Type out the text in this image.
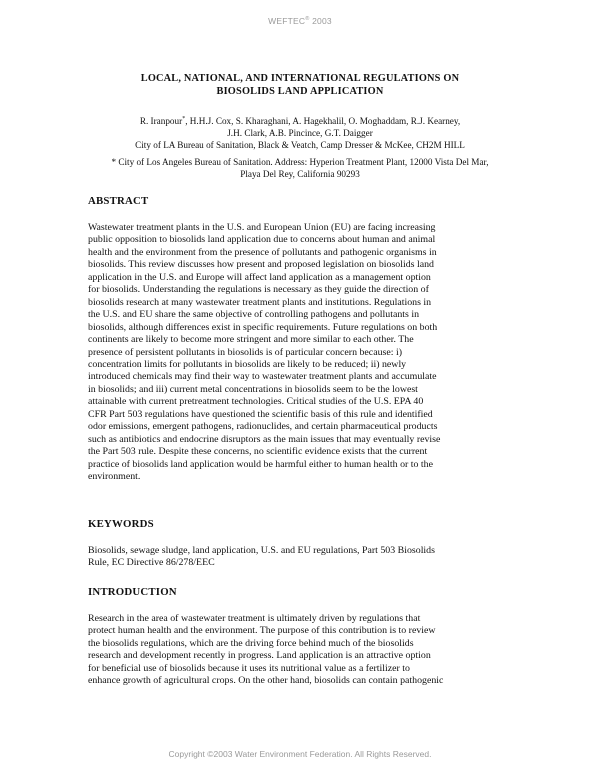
WEFTEC® 2003
LOCAL, NATIONAL, AND INTERNATIONAL REGULATIONS ON
BIOSOLIDS LAND APPLICATION
R. Iranpour*, H.H.J. Cox, S. Kharaghani, A. Hagekhalil, O. Moghaddam, R.J. Kearney,
J.H. Clark, A.B. Pincince, G.T. Daigger
City of LA Bureau of Sanitation, Black & Veatch, Camp Dresser & McKee, CH2M HILL
* City of Los Angeles Bureau of Sanitation. Address: Hyperion Treatment Plant, 12000 Vista Del Mar,
Playa Del Rey, California 90293
ABSTRACT
Wastewater treatment plants in the U.S. and European Union (EU) are facing increasing
public opposition to biosolids land application due to concerns about human and animal
health and the environment from the presence of pollutants and pathogenic organisms in
biosolids. This review discusses how present and proposed legislation on biosolids land
application in the U.S. and Europe will affect land application as a management option
for biosolids. Understanding the regulations is necessary as they guide the direction of
biosolids research at many wastewater treatment plants and institutions. Regulations in
the U.S. and EU share the same objective of controlling pathogens and pollutants in
biosolids, although differences exist in specific requirements. Future regulations on both
continents are likely to become more stringent and more similar to each other. The
presence of persistent pollutants in biosolids is of particular concern because: i)
concentration limits for pollutants in biosolids are likely to be reduced; ii) newly
introduced chemicals may find their way to wastewater treatment plants and accumulate
in biosolids; and iii) current metal concentrations in biosolids seem to be the lowest
attainable with current pretreatment technologies. Critical studies of the U.S. EPA 40
CFR Part 503 regulations have questioned the scientific basis of this rule and identified
odor emissions, emergent pathogens, radionuclides, and certain pharmaceutical products
such as antibiotics and endocrine disruptors as the main issues that may eventually revise
the Part 503 rule. Despite these concerns, no scientific evidence exists that the current
practice of biosolids land application would be harmful either to human health or to the
environment.
KEYWORDS
Biosolids, sewage sludge, land application, U.S. and EU regulations, Part 503 Biosolids
Rule, EC Directive 86/278/EEC
INTRODUCTION
Research in the area of wastewater treatment is ultimately driven by regulations that
protect human health and the environment. The purpose of this contribution is to review
the biosolids regulations, which are the driving force behind much of the biosolids
research and development recently in progress. Land application is an attractive option
for beneficial use of biosolids because it uses its nutritional value as a fertilizer to
enhance growth of agricultural crops. On the other hand, biosolids can contain pathogenic
Copyright ©2003 Water Environment Federation. All Rights Reserved.
